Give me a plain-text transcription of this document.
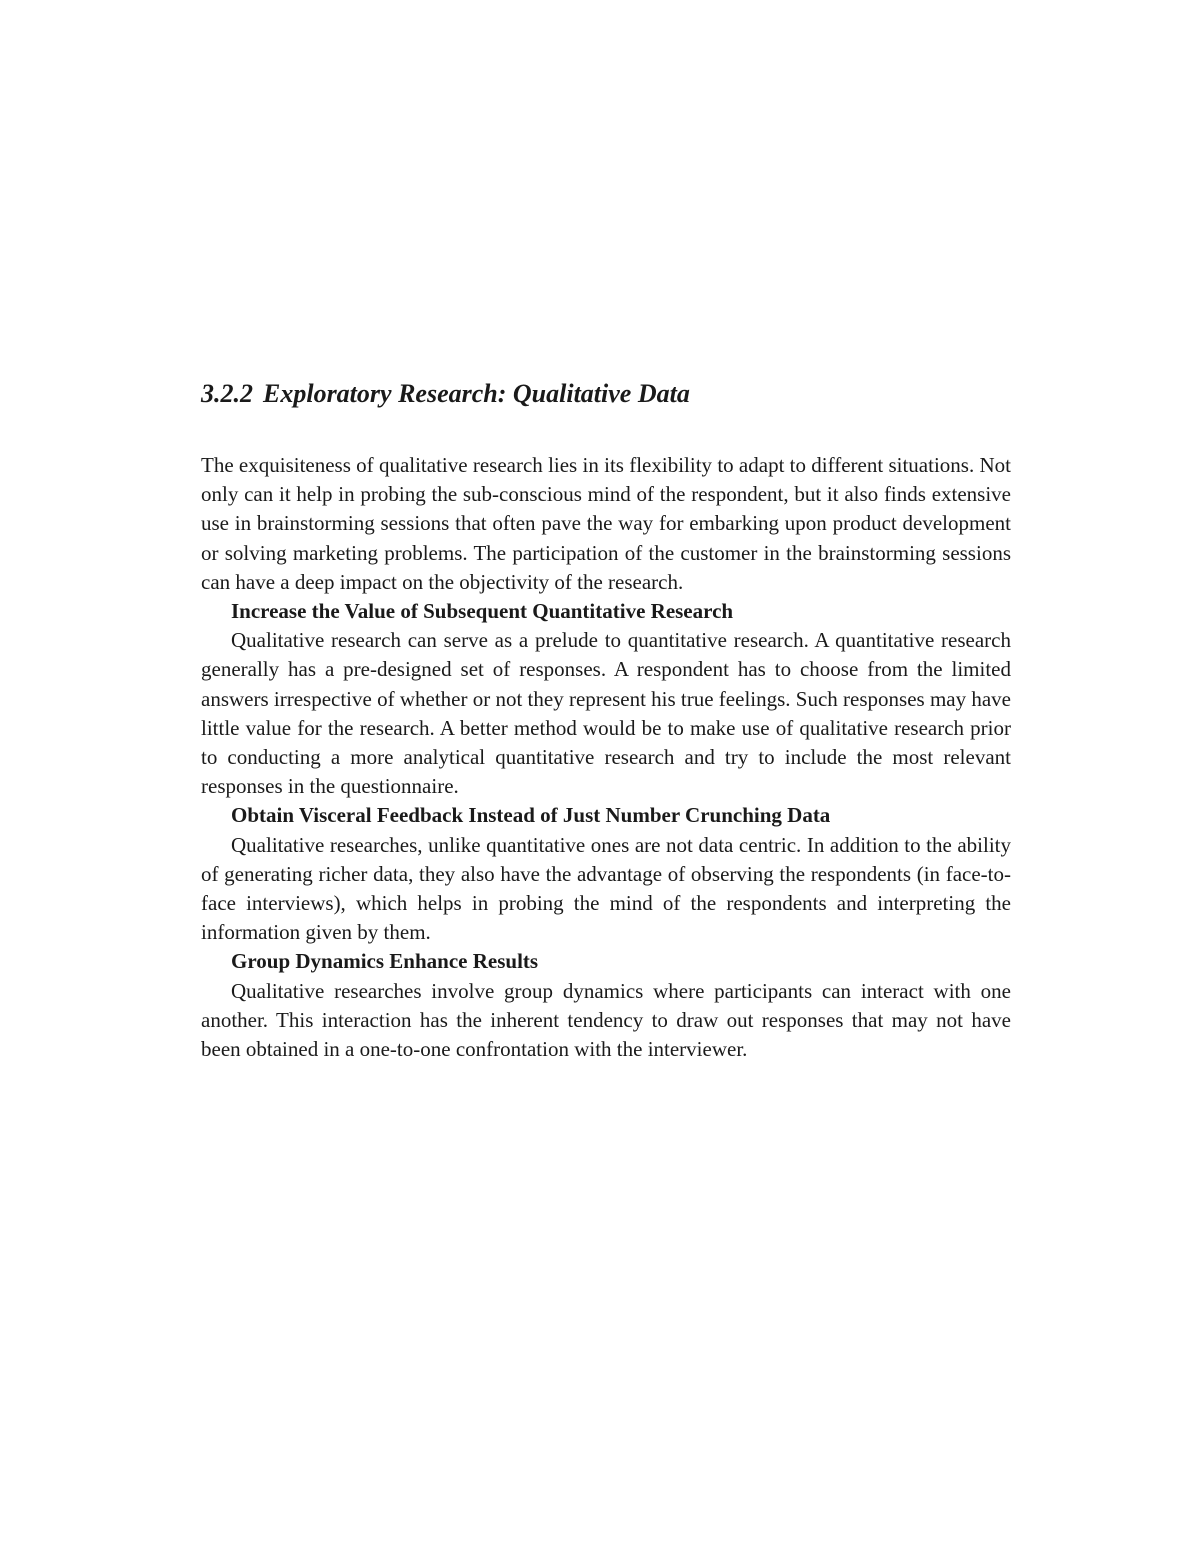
3.2.2 Exploratory Research: Qualitative Data

The exquisiteness of qualitative research lies in its flexibility to adapt to different situations. Not only can it help in probing the sub-conscious mind of the respondent, but it also finds extensive use in brainstorming sessions that often pave the way for embarking upon product development or solving marketing problems. The participation of the customer in the brainstorming sessions can have a deep impact on the objectivity of the research.

Increase the Value of Subsequent Quantitative Research

Qualitative research can serve as a prelude to quantitative research. A quantitative research generally has a pre-designed set of responses. A respondent has to choose from the limited answers irrespective of whether or not they represent his true feelings. Such responses may have little value for the research. A better method would be to make use of qualitative research prior to conducting a more analytical quantitative research and try to include the most relevant responses in the questionnaire.

Obtain Visceral Feedback Instead of Just Number Crunching Data

Qualitative researches, unlike quantitative ones are not data centric. In addition to the ability of generating richer data, they also have the advantage of observing the respondents (in face-to-face interviews), which helps in probing the mind of the respondents and interpreting the information given by them.

Group Dynamics Enhance Results

Qualitative researches involve group dynamics where participants can interact with one another. This interaction has the inherent tendency to draw out responses that may not have been obtained in a one-to-one confrontation with the interviewer.
